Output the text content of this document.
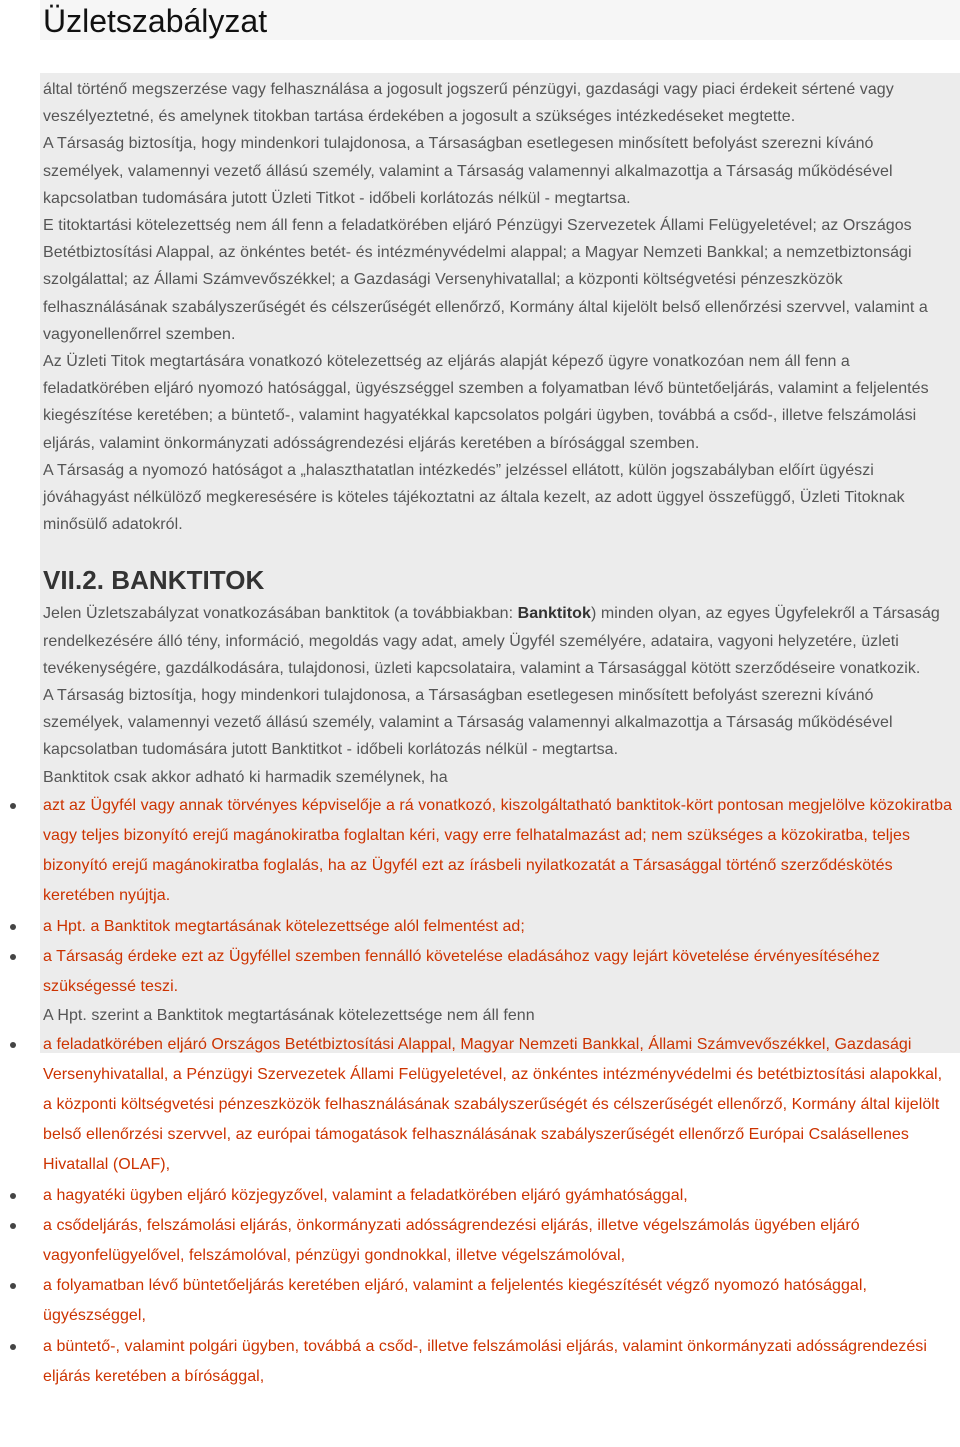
Üzletszabályzat

által történő megszerzése vagy felhasználása a jogosult jogszerű pénzügyi, gazdasági vagy piaci érdekeit sértené vagy veszélyeztetné, és amelynek titokban tartása érdekében a jogosult a szükséges intézkedéseket megtette.

A Társaság biztosítja, hogy mindenkori tulajdonosa, a Társaságban esetlegesen minősített befolyást szerezni kívánó személyek, valamennyi vezető állású személy, valamint a Társaság valamennyi alkalmazottja a Társaság működésével kapcsolatban tudomására jutott Üzleti Titkot - időbeli korlátozás nélkül - megtartsa.

E titoktartási kötelezettség nem áll fenn a feladatkörében eljáró Pénzügyi Szervezetek Állami Felügyeletével; az Országos Betétbiztosítási Alappal, az önkéntes betét- és intézményvédelmi alappal; a Magyar Nemzeti Bankkal; a nemzetbiztonsági szolgálattal; az Állami Számvevőszékkel; a Gazdasági Versenyhivatallal; a központi költségvetési pénzeszközök felhasználásának szabályszerűségét és célszerűségét ellenőrző, Kormány által kijelölt belső ellenőrzési szervvel, valamint a vagyonellenőrrel szemben.

Az Üzleti Titok megtartására vonatkozó kötelezettség az eljárás alapját képező ügyre vonatkozóan nem áll fenn a feladatkörében eljáró nyomozó hatósággal, ügyészséggel szemben a folyamatban lévő büntetőeljárás, valamint a feljelentés kiegészítése keretében; a büntető-, valamint hagyatékkal kapcsolatos polgári ügyben, továbbá a csőd-, illetve felszámolási eljárás, valamint önkormányzati adósságrendezési eljárás keretében a bírósággal szemben.

A Társaság a nyomozó hatóságot a „halaszthatatlan intézkedés” jelzéssel ellátott, külön jogszabályban előírt ügyészi jóváhagyást nélkülöző megkeresésére is köteles tájékoztatni az általa kezelt, az adott üggyel összefüggő, Üzleti Titoknak minősülő adatokról.

VII.2. BANKTITOK

Jelen Üzletszabályzat vonatkozásában banktitok (a továbbiakban: Banktitok) minden olyan, az egyes Ügyfelekről a Társaság rendelkezésére álló tény, információ, megoldás vagy adat, amely Ügyfél személyére, adataira, vagyoni helyzetére, üzleti tevékenységére, gazdálkodására, tulajdonosi, üzleti kapcsolataira, valamint a Társasággal kötött szerződéseire vonatkozik.

A Társaság biztosítja, hogy mindenkori tulajdonosa, a Társaságban esetlegesen minősített befolyást szerezni kívánó személyek, valamennyi vezető állású személy, valamint a Társaság valamennyi alkalmazottja a Társaság működésével kapcsolatban tudomására jutott Banktitkot - időbeli korlátozás nélkül - megtartsa.

Banktitok csak akkor adható ki harmadik személynek, ha

azt az Ügyfél vagy annak törvényes képviselője a rá vonatkozó, kiszolgáltatható banktitok-kört pontosan megjelölve közokiratba vagy teljes bizonyító erejű magánokiratba foglaltan kéri, vagy erre felhatalmazást ad; nem szükséges a közokiratba, teljes bizonyító erejű magánokiratba foglalás, ha az Ügyfél ezt az írásbeli nyilatkozatát a Társasággal történő szerződéskötés keretében nyújtja.
a Hpt. a Banktitok megtartásának kötelezettsége alól felmentést ad;
a Társaság érdeke ezt az Ügyféllel szemben fennálló követelése eladásához vagy lejárt követelése érvényesítéséhez szükségessé teszi.

A Hpt. szerint a Banktitok megtartásának kötelezettsége nem áll fenn

a feladatkörében eljáró Országos Betétbiztosítási Alappal, Magyar Nemzeti Bankkal, Állami Számvevőszékkel, Gazdasági Versenyhivatallal, a Pénzügyi Szervezetek Állami Felügyeletével, az önkéntes intézményvédelmi és betétbiztosítási alapokkal, a központi költségvetési pénzeszközök felhasználásának szabályszerűségét és célszerűségét ellenőrző, Kormány által kijelölt belső ellenőrzési szervvel, az európai támogatások felhasználásának szabályszerűségét ellenőrző Európai Csalásellenes Hivatallal (OLAF),
a hagyatéki ügyben eljáró közjegyzővel, valamint a feladatkörében eljáró gyámhatósággal,
a csődeljárás, felszámolási eljárás, önkormányzati adósságrendezési eljárás, illetve végelszámolás ügyében eljáró vagyonfelügyelővel, felszámolóval, pénzügyi gondnokkal, illetve végelszámolóval,
a folyamatban lévő büntetőeljárás keretében eljáró, valamint a feljelentés kiegészítését végző nyomozó hatósággal, ügyészséggel,
a büntető-, valamint polgári ügyben, továbbá a csőd-, illetve felszámolási eljárás, valamint önkormányzati adósságrendezési eljárás keretében a bírósággal,
